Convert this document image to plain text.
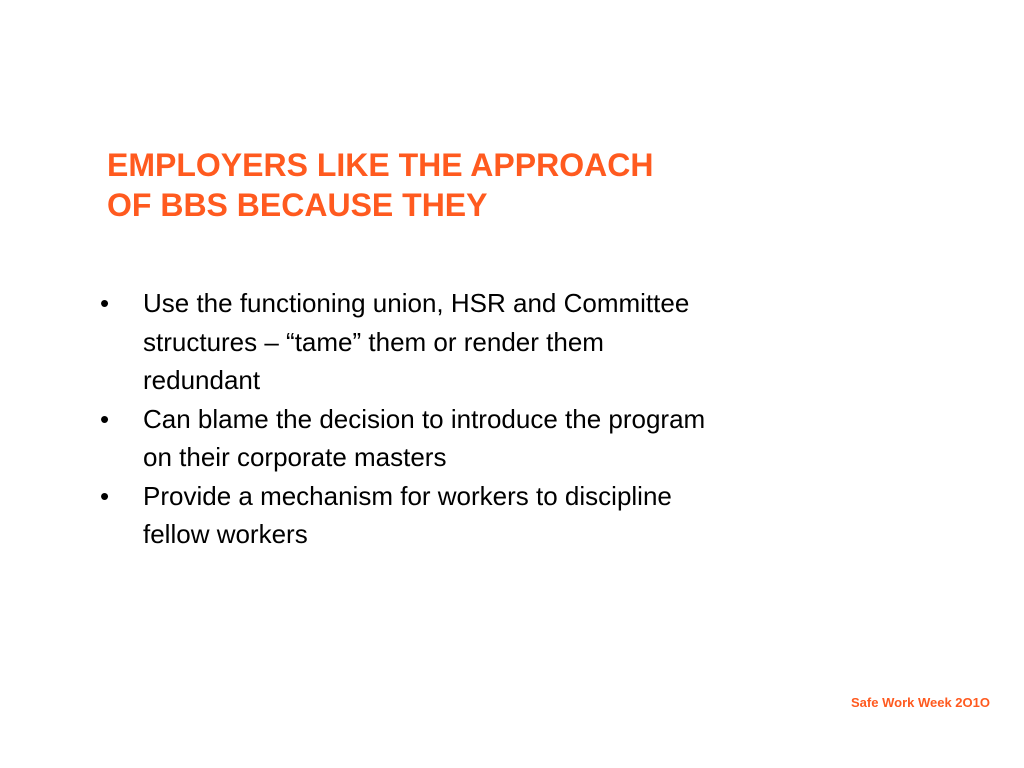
EMPLOYERS LIKE THE APPROACH
OF BBS BECAUSE THEY
•	Use the functioning union, HSR and Committee
structures – “tame” them or render them
redundant
•	Can blame the decision to introduce the program
on their corporate masters
•	Provide a mechanism for workers to discipline
fellow workers
Safe Work Week 2O1O
